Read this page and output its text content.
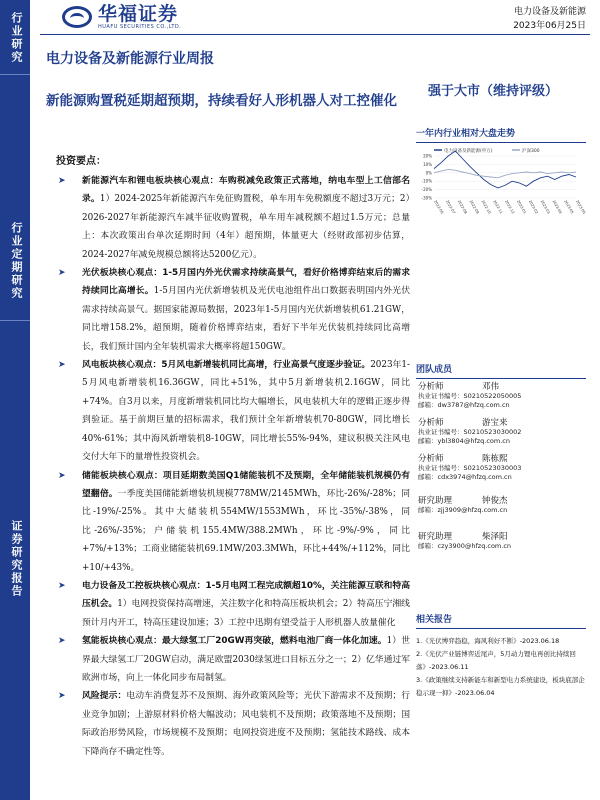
行业研究
行业定期研究
证券研究报告
华福证券
HUAFU SECURITIES CO.,LTD.
电力设备及新能源
2023年06月25日
电力设备及新能源行业周报
新能源购置税延期超预期，持续看好人形机器人对工控催化
强于大市（维持评级）
投资要点：

➤ 新能源汽车和锂电板块核心观点：车购税减免政策正式落地，纳电车型上工信部名录。1）2024-2025年新能源汽车免征购置税，单车用车免税额度不超过3万元；2）2026-2027年新能源汽车减半征收购置税，单车用车减税额不超过1.5万元；总量上：本次政策出台单次延期时间（4年）超预期，体量更大（经财政部初步估算，2024-2027年减免规模总额将达5200亿元）。

➤ 光伏板块核心观点：1-5月国内外光伏需求持续高景气，看好价格博弈结束后的需求持续同比高增长。1-5月国内光伏新增装机及光伏电池组件出口数据表明国内外光伏需求持续高景气。据国家能源局数据，2023年1-5月国内光伏新增装机61.21GW，同比增158.2%，超预期，随着价格博弈结束，看好下半年光伏装机持续同比高增长，我们预计国内全年装机需求大概率将超150GW。

➤ 风电板块核心观点：5月风电新增装机同比高增，行业高景气度逐步验证。2023年1-5月风电新增装机16.36GW，同比+51%，其中5月新增装机2.16GW，同比+74%。自3月以来，月度新增装机同比均大幅增长，风电装机大年的逻辑正逐步得到验证。基于前期巨量的招标需求，我们预计全年新增装机70-80GW，同比增长40%-61%；其中海风新增装机8-10GW，同比增长55%-94%，建议积极关注风电交付大年下的量增性投资机会。

➤ 储能板块核心观点：项目延期数美国Q1储能装机不及预期，全年储能装机规模仍有望翻倍。一季度美国储能新增装机规模778MW/2145MWh，环比-26%/-28%；同比-19%/-25%。其中大储装机554MW/1553MWh，环比-35%/-38%，同比-26%/-35%；户储装机155.4MW/388.2MWh，环比-9%/-9%，同比+7%/+13%；工商业储能装机69.1MW/203.3MWh，环比+44%/+112%，同比+10/+43%。

➤ 电力设备及工控板块核心观点：1-5月电网工程完成额超10%，关注能源互联和特高压机会。1）电网投资保持高增速，关注数字化和特高压板块机会；2）特高压宁湘线预计月内开工，特高压建设加速；3）工控中迅期有望受益于人形机器人放量催化

➤ 氢能板块核心观点：最大绿氢工厂20GW再突破，燃料电池厂商一体化加速。1）世界最大绿氢工厂20GW启动，满足欧盟2030绿氢进口目标五分之一；2）亿华通过军欧洲市场，向上一体化同步布局制氢。

➤ 风险提示：电动车消费复苏不及预期、海外政策风险等；光伏下游需求不及预期；行业竞争加剧；上游原材料价格大幅波动；风电装机不及预期；政策落地不及预期；国际政治形势风险，市场规模不及预期；电网投资进度不及预期；氢能技术路线、成本下降尚存不确定性等。

一年内行业相对大盘走势
电力设备及新能源(申万)	沪深300
20%
10%
0%
-10%
-20%
-30%
2022-06 2022-07 2022-08 2022-09 2022-10 2022-11 2022-12 2023-01 2023-02 2023-03 2023-04 2023-05 2023-06
团队成员
分析师	邓伟
执业证书编号：S0210522050005
邮箱：dw3787@hfzq.com.cn
分析师	游宝来
执业证书编号：S0210523030002
邮箱：ybl3804@hfzq.com.cn
分析师	陈栋熙
执业证书编号：S0210523030003
邮箱：cdx3974@hfzq.com.cn
研究助理	钟俊杰
邮箱：zjj3909@hfzq.com.cn
研究助理	柴泽阳
邮箱：czy3900@hfzq.com.cn
相关报告
1.《光伏博弈趋稳，海风利好不断》-2023.06.18
2.《光伏产业链博弈近尾声，5月动力锂电再创比持续回落》-2023.06.11
3.《政策继续支持新能车和新型电力系统建设，板块底部企稳示现一抑》-2023.06.04
